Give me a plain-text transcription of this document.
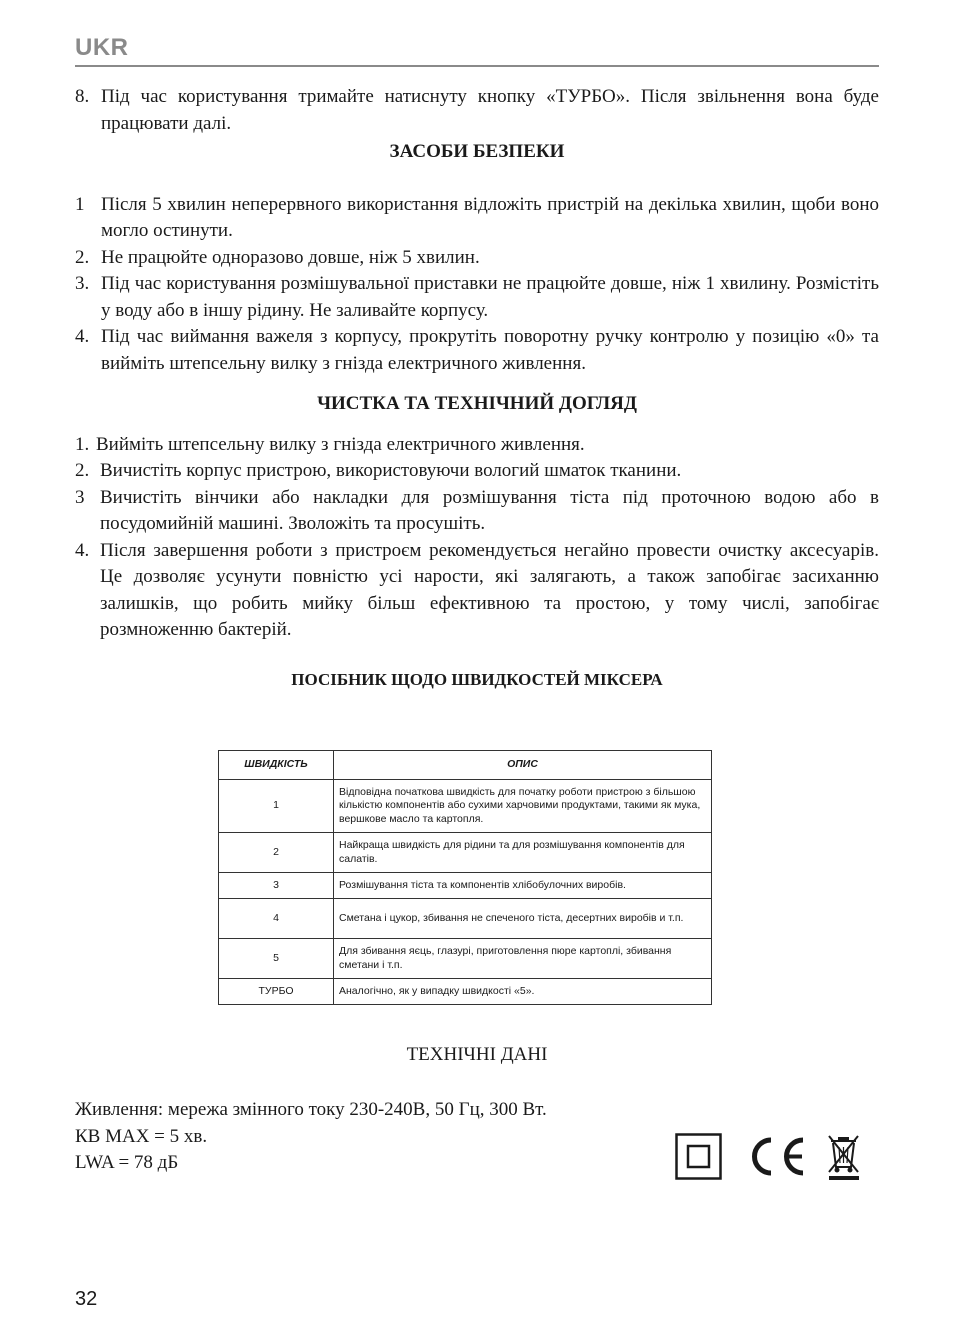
UKR
8. Під час користування тримайте натиснуту кнопку «ТУРБО». Після звільнення вона буде працювати далі.
ЗАСОБИ БЕЗПЕКИ
1 Після 5 хвилин неперервного використання відложіть пристрій на декілька хвилин, щоби воно могло остинути.
2. Не працюйте одноразово довше, ніж 5 хвилин.
3. Під час користування розмішувальної приставки не працюйте довше, ніж 1 хвилину. Розмістіть у воду або в іншу рідину. Не заливайте корпусу.
4. Під час виймання важеля з корпусу, прокрутіть поворотну ручку контролю у позицію «0» та вийміть штепсельну вилку з гнізда електричного живлення.
ЧИСТКА ТА ТЕХНІЧНИЙ ДОГЛЯД
1. Вийміть штепсельну вилку з гнізда електричного живлення.
2. Вичистіть корпус пристрою, використовуючи вологий шматок тканини.
3 Вичистіть вінчики або накладки для розмішування тіста під проточною водою або в посудомийній машині. Зволожіть та просушіть.
4. Після завершення роботи з пристроєм рекомендується негайно провести очистку аксесуарів. Це дозволяє усунути повністю усі нарости, які залягають, а також запобігає засиханню залишків, що робить мийку більш ефективною та простою, у тому числі, запобігає розмноженню бактерій.
ПОСІБНИК ЩОДО ШВИДКОСТЕЙ МІКСЕРА
ШВИДКІСТЬ	ОПИС
1	Відповідна початкова швидкість для початку роботи пристрою з більшою кількістю компонентів або сухими харчовими продуктами, такими як мука, вершкове масло та картопля.
2	Найкраща швидкість для рідини та для розмішування компонентів для салатів.
3	Розмішування тіста та компонентів хлібобулочних виробів.
4	Сметана і цукор, збивання не спеченого тіста, десертних виробів и т.п.
5	Для збивання яєць, глазурі, приготовлення пюре картоплі, збивання сметани і т.п.
ТУРБО	Аналогічно, як у випадку швидкості «5».
ТЕХНІЧНІ ДАНІ
Живлення: мережа змінного току 230-240В, 50 Гц, 300 Вт.
КВ MAX = 5 хв.
LWA = 78 дБ
32
